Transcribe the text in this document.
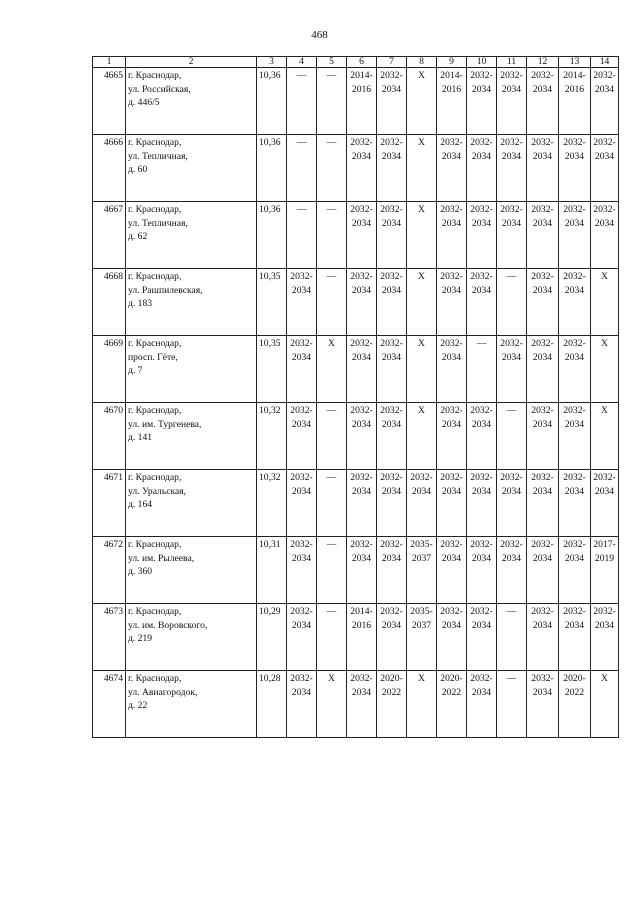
468
1	2	3	4	5	6	7	8	9	10	11	12	13	14
4665	г. Краснодар,
ул. Российская,
д. 446/5	10,36	—	—	2014-
2016	2032-
2034	X	2014-
2016	2032-
2034	2032-
2034	2032-
2034	2014-
2016	2032-
2034
4666	г. Краснодар,
ул. Тепличная,
д. 60	10,36	—	—	2032-
2034	2032-
2034	X	2032-
2034	2032-
2034	2032-
2034	2032-
2034	2032-
2034	2032-
2034
4667	г. Краснодар,
ул. Тепличная,
д. 62	10,36	—	—	2032-
2034	2032-
2034	X	2032-
2034	2032-
2034	2032-
2034	2032-
2034	2032-
2034	2032-
2034
4668	г. Краснодар,
ул. Рашпилевская,
д. 183	10,35	2032-
2034	—	2032-
2034	2032-
2034	X	2032-
2034	2032-
2034	—	2032-
2034	2032-
2034	X
4669	г. Краснодар,
просп. Гёте,
д. 7	10,35	2032-
2034	X	2032-
2034	2032-
2034	X	2032-
2034	—	2032-
2034	2032-
2034	2032-
2034	X
4670	г. Краснодар,
ул. им. Тургенева,
д. 141	10,32	2032-
2034	—	2032-
2034	2032-
2034	X	2032-
2034	2032-
2034	—	2032-
2034	2032-
2034	X
4671	г. Краснодар,
ул. Уральская,
д. 164	10,32	2032-
2034	—	2032-
2034	2032-
2034	2032-
2034	2032-
2034	2032-
2034	2032-
2034	2032-
2034	2032-
2034	2032-
2034
4672	г. Краснодар,
ул. им. Рылеева,
д. 360	10,31	2032-
2034	—	2032-
2034	2032-
2034	2035-
2037	2032-
2034	2032-
2034	2032-
2034	2032-
2034	2032-
2034	2017-
2019
4673	г. Краснодар,
ул. им. Воровского,
д. 219	10,29	2032-
2034	—	2014-
2016	2032-
2034	2035-
2037	2032-
2034	2032-
2034	—	2032-
2034	2032-
2034	2032-
2034
4674	г. Краснодар,
ул. Авиагородок,
д. 22	10,28	2032-
2034	X	2032-
2034	2020-
2022	X	2020-
2022	2032-
2034	—	2032-
2034	2020-
2022	X
